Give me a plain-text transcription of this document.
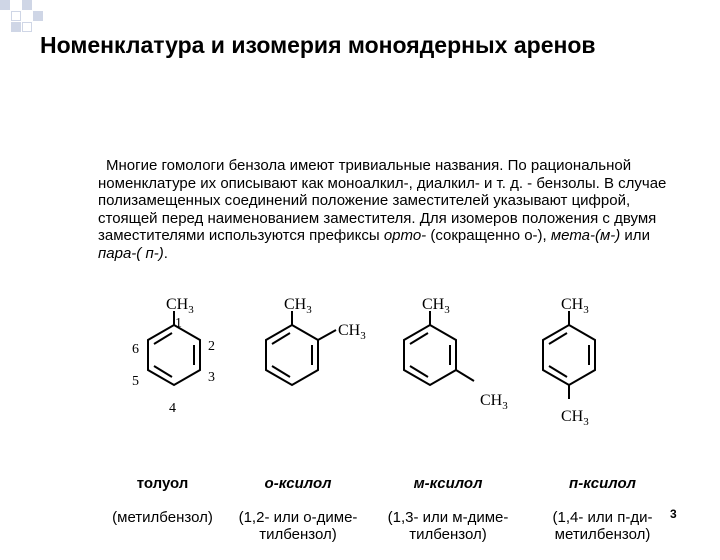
Номенклатура и изомерия моноядерных аренов
Многие гомологи бензола имеют тривиальные названия. По рациональной номенклатуре их описывают как моноалкил-, диалкил- и т. д. - бензолы. В случае полизамещенных соединений положение заместителей указывают цифрой, стоящей перед наименованием заместителя. Для изомеров положения с двумя заместителями используются префиксы орто- (сокращенно о-), мета-(м-) или пара-( п-).
$CH_3$
1
2
3
4
5
6
$CH_3$
$CH_3$
$CH_3$
$CH_3$
$CH_3$
$CH_3$

толуол

(метилбензол)

о-ксилол

(1,2- или о-диме-
тилбензол)

м-ксилол

(1,3- или м-диме-
тилбензол)

п-ксилол

(1,4- или п-ди-
метилбензол)

3
